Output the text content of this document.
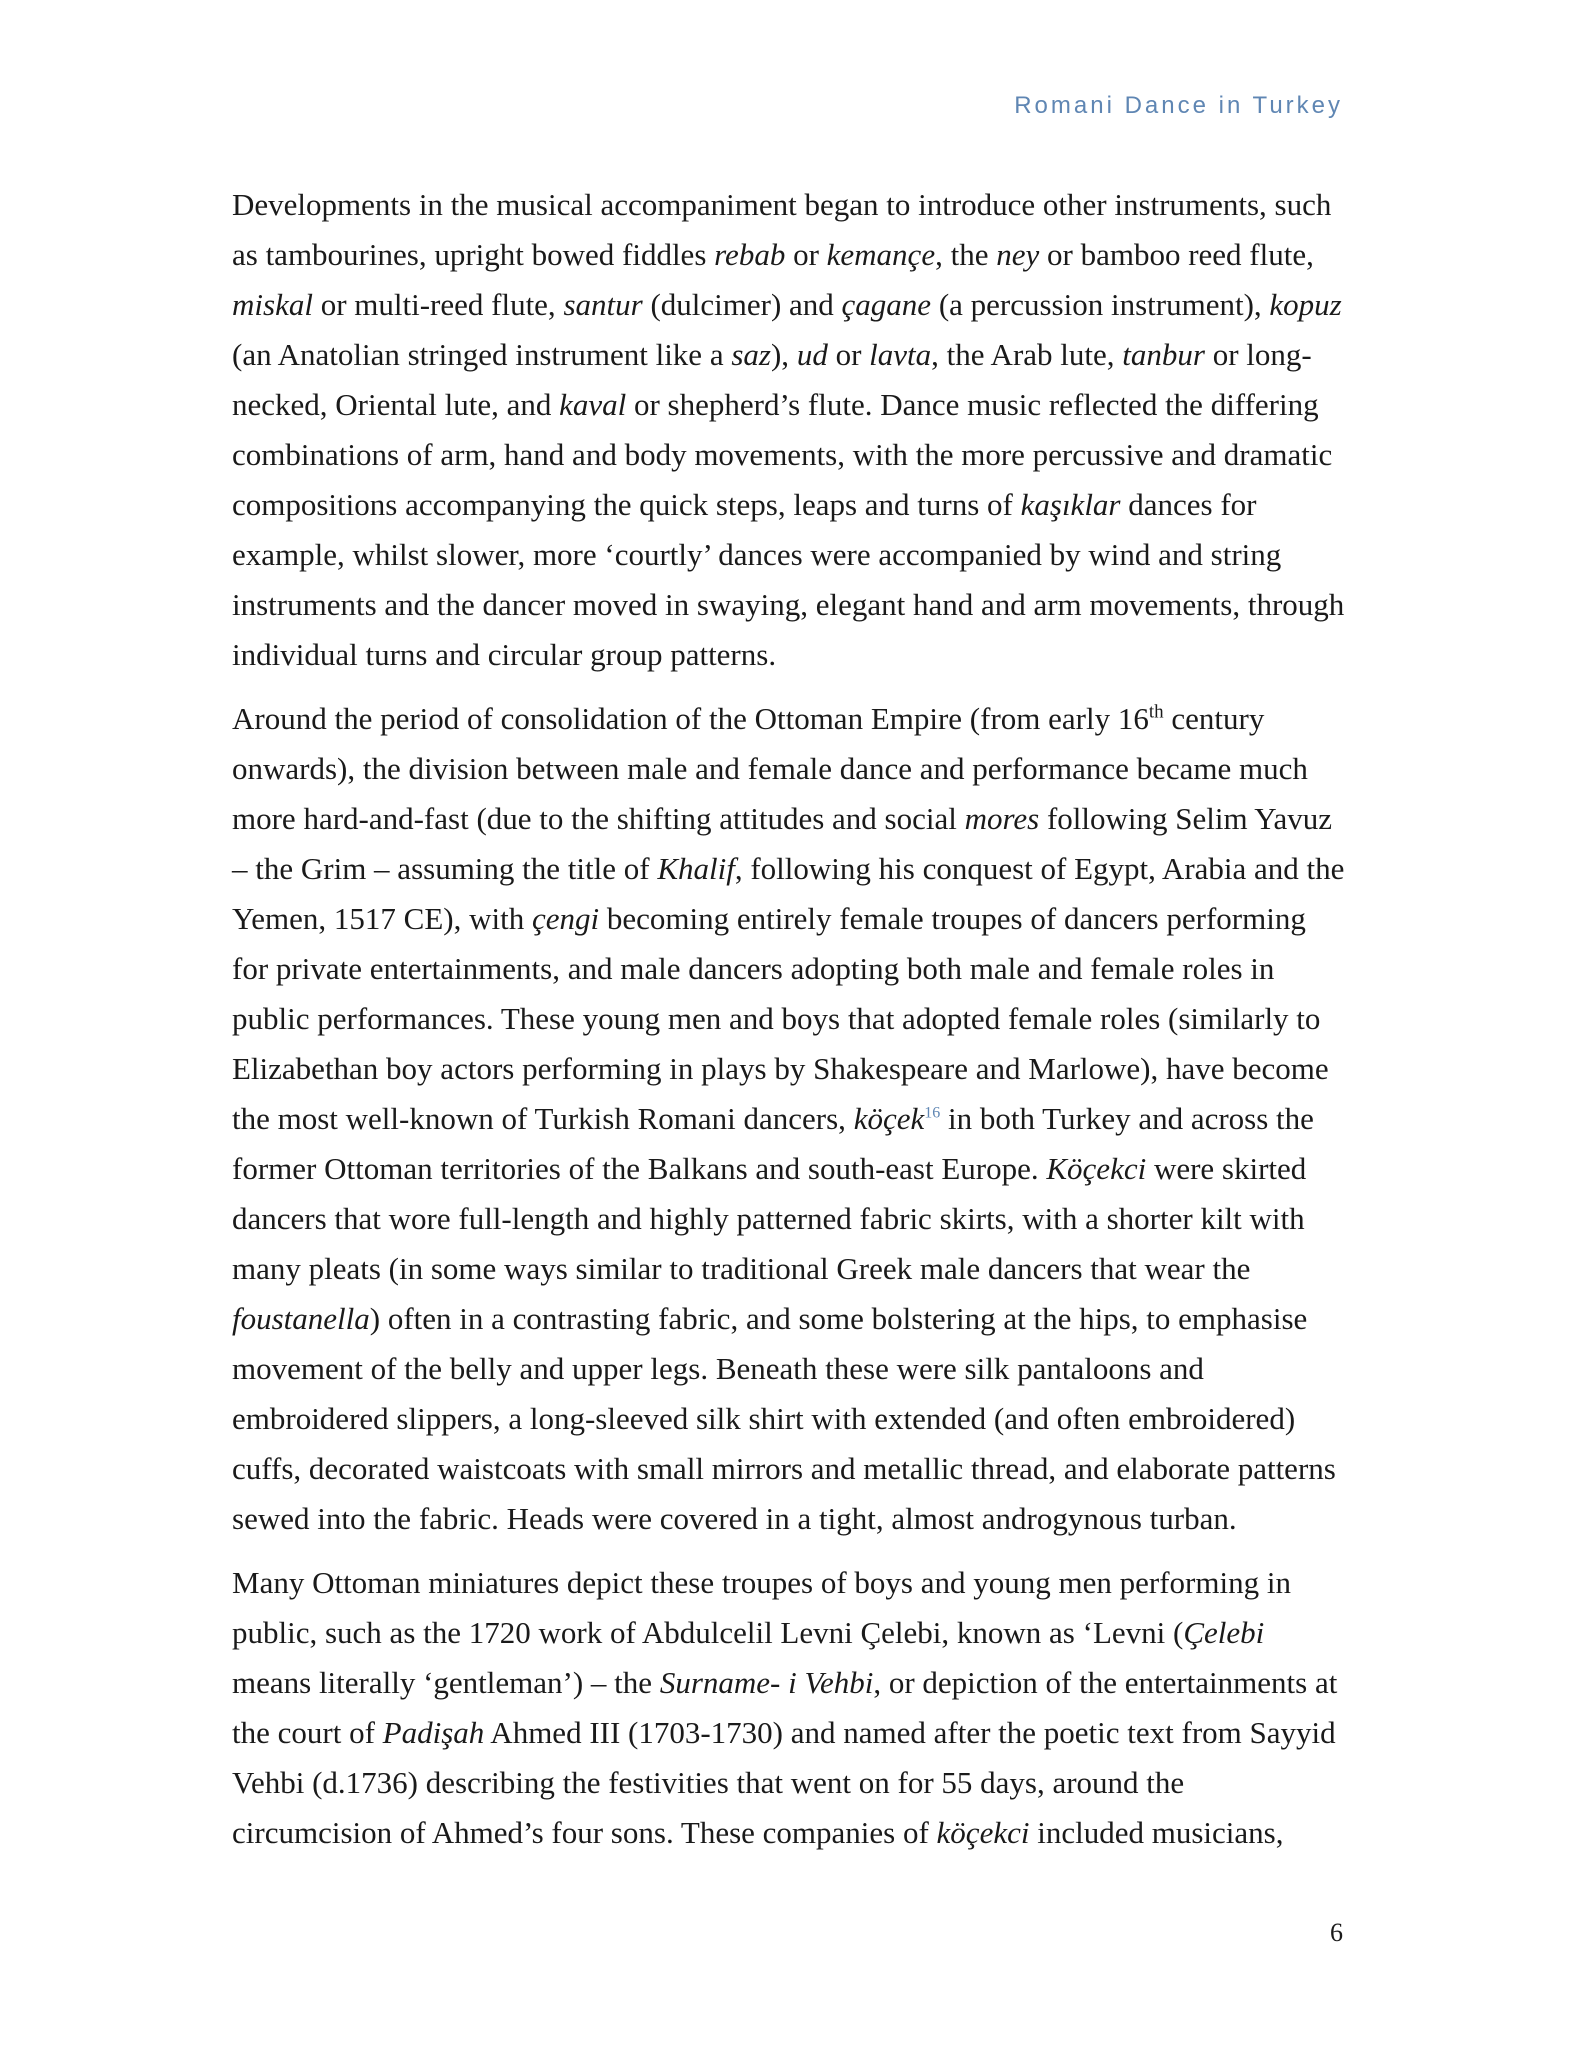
Romani Dance in Turkey

Developments in the musical accompaniment began to introduce other instruments, such as tambourines, upright bowed fiddles rebab or kemançe, the ney or bamboo reed flute, miskal or multi-reed flute, santur (dulcimer) and çagane (a percussion instrument), kopuz (an Anatolian stringed instrument like a saz), ud or lavta, the Arab lute, tanbur or long-necked, Oriental lute, and kaval or shepherd’s flute. Dance music reflected the differing combinations of arm, hand and body movements, with the more percussive and dramatic compositions accompanying the quick steps, leaps and turns of kaşıklar dances for example, whilst slower, more ‘courtly’ dances were accompanied by wind and string instruments and the dancer moved in swaying, elegant hand and arm movements, through individual turns and circular group patterns.

Around the period of consolidation of the Ottoman Empire (from early 16th century onwards), the division between male and female dance and performance became much more hard-and-fast (due to the shifting attitudes and social mores following Selim Yavuz – the Grim – assuming the title of Khalif, following his conquest of Egypt, Arabia and the Yemen, 1517 CE), with çengi becoming entirely female troupes of dancers performing for private entertainments, and male dancers adopting both male and female roles in public performances. These young men and boys that adopted female roles (similarly to Elizabethan boy actors performing in plays by Shakespeare and Marlowe), have become the most well-known of Turkish Romani dancers, köçek$^{16}$ in both Turkey and across the former Ottoman territories of the Balkans and south-east Europe. Köçekci were skirted dancers that wore full-length and highly patterned fabric skirts, with a shorter kilt with many pleats (in some ways similar to traditional Greek male dancers that wear the foustanella) often in a contrasting fabric, and some bolstering at the hips, to emphasise movement of the belly and upper legs. Beneath these were silk pantaloons and embroidered slippers, a long-sleeved silk shirt with extended (and often embroidered) cuffs, decorated waistcoats with small mirrors and metallic thread, and elaborate patterns sewed into the fabric. Heads were covered in a tight, almost androgynous turban.

Many Ottoman miniatures depict these troupes of boys and young men performing in public, such as the 1720 work of Abdulcelil Levni Çelebi, known as ‘Levni (Çelebi means literally ‘gentleman’) – the Surname- i Vehbi, or depiction of the entertainments at the court of Padişah Ahmed III (1703-1730) and named after the poetic text from Sayyid Vehbi (d.1736) describing the festivities that went on for 55 days, around the circumcision of Ahmed’s four sons. These companies of köçekci included musicians,

6
